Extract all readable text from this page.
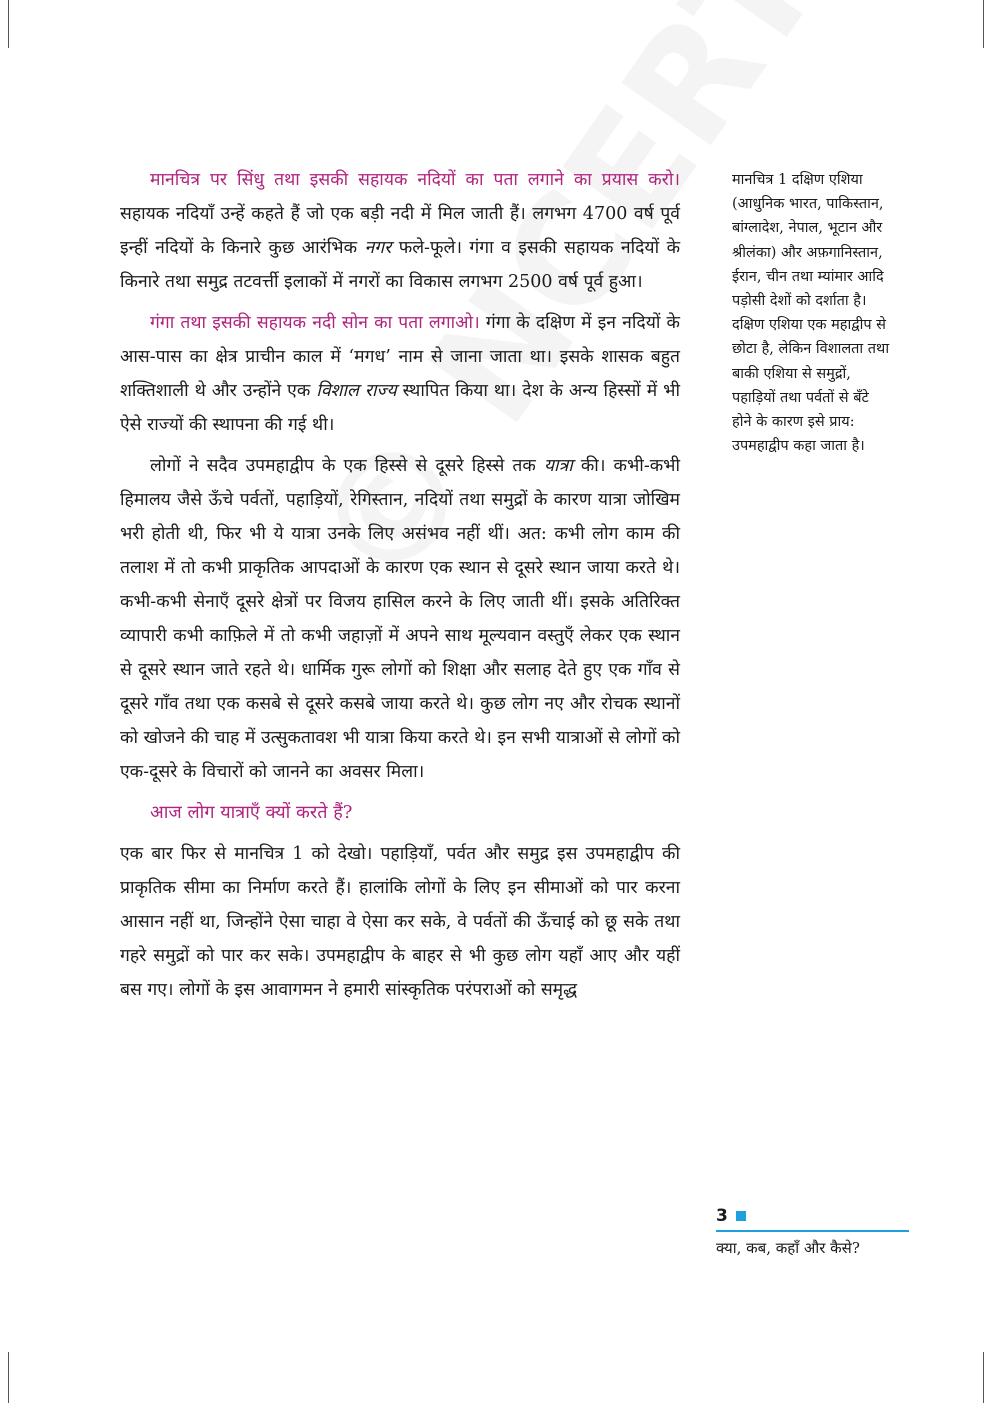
मानचित्र पर सिंधु तथा इसकी सहायक नदियों का पता लगाने का प्रयास करो। सहायक नदियाँ उन्हें कहते हैं जो एक बड़ी नदी में मिल जाती हैं। लगभग 4700 वर्ष पूर्व इन्हीं नदियों के किनारे कुछ आरंभिक नगर फले-फूले। गंगा व इसकी सहायक नदियों के किनारे तथा समुद्र तटवर्त्ती इलाकों में नगरों का विकास लगभग 2500 वर्ष पूर्व हुआ।

गंगा तथा इसकी सहायक नदी सोन का पता लगाओ। गंगा के दक्षिण में इन नदियों के आस-पास का क्षेत्र प्राचीन काल में ‘मगध’ नाम से जाना जाता था। इसके शासक बहुत शक्तिशाली थे और उन्होंने एक विशाल राज्य स्थापित किया था। देश के अन्य हिस्सों में भी ऐसे राज्यों की स्थापना की गई थी।

लोगों ने सदैव उपमहाद्वीप के एक हिस्से से दूसरे हिस्से तक यात्रा की। कभी-कभी हिमालय जैसे ऊँचे पर्वतों, पहाड़ियों, रेगिस्तान, नदियों तथा समुद्रों के कारण यात्रा जोखिम भरी होती थी, फिर भी ये यात्रा उनके लिए असंभव नहीं थीं। अत: कभी लोग काम की तलाश में तो कभी प्राकृतिक आपदाओं के कारण एक स्थान से दूसरे स्थान जाया करते थे। कभी-कभी सेनाएँ दूसरे क्षेत्रों पर विजय हासिल करने के लिए जाती थीं। इसके अतिरिक्त व्यापारी कभी काफ़िले में तो कभी जहाज़ों में अपने साथ मूल्यवान वस्तुएँ लेकर एक स्थान से दूसरे स्थान जाते रहते थे। धार्मिक गुरू लोगों को शिक्षा और सलाह देते हुए एक गाँव से दूसरे गाँव तथा एक कसबे से दूसरे कसबे जाया करते थे। कुछ लोग नए और रोचक स्थानों को खोजने की चाह में उत्सुकतावश भी यात्रा किया करते थे। इन सभी यात्राओं से लोगों को एक-दूसरे के विचारों को जानने का अवसर मिला।

आज लोग यात्राएँ क्यों करते हैं?

एक बार फिर से मानचित्र 1 को देखो। पहाड़ियाँ, पर्वत और समुद्र इस उपमहाद्वीप की प्राकृतिक सीमा का निर्माण करते हैं। हालांकि लोगों के लिए इन सीमाओं को पार करना आसान नहीं था, जिन्होंने ऐसा चाहा वे ऐसा कर सके, वे पर्वतों की ऊँचाई को छू सके तथा गहरे समुद्रों को पार कर सके। उपमहाद्वीप के बाहर से भी कुछ लोग यहाँ आए और यहीं बस गए। लोगों के इस आवागमन ने हमारी सांस्कृतिक परंपराओं को समृद्ध

मानचित्र 1 दक्षिण एशिया (आधुनिक भारत, पाकिस्तान, बांग्लादेश, नेपाल, भूटान और श्रीलंका) और अफ़गानिस्तान, ईरान, चीन तथा म्यांमार आदि पड़ोसी देशों को दर्शाता है। दक्षिण एशिया एक महाद्वीप से छोटा है, लेकिन विशालता तथा बाकी एशिया से समुद्रों, पहाड़ियों तथा पर्वतों से बँटे होने के कारण इसे प्राय: उपमहाद्वीप कहा जाता है।
3
क्या, कब, कहाँ और कैसे?
